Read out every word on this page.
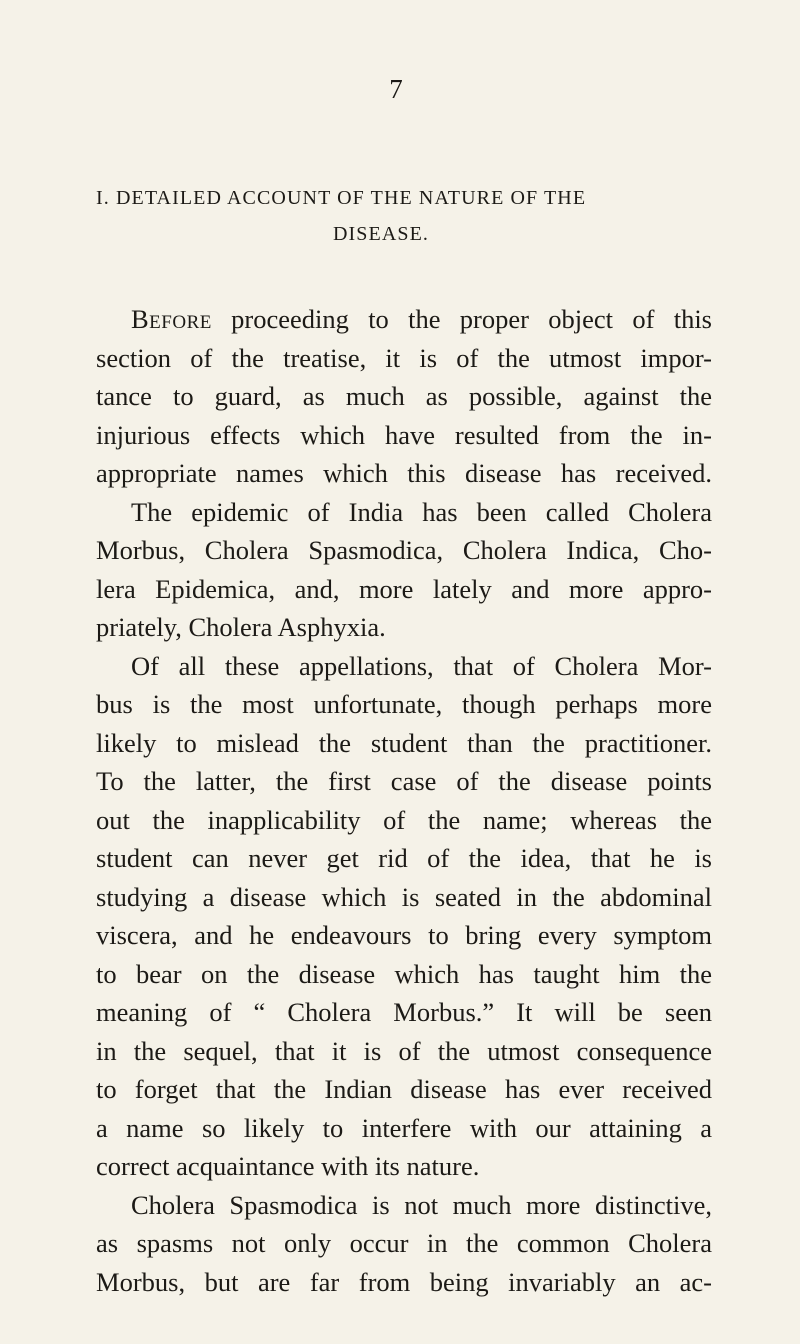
7
I. DETAILED ACCOUNT OF THE NATURE OF THE
DISEASE.
Before proceeding to the proper object of this
section of the treatise, it is of the utmost impor-
tance to guard, as much as possible, against the
injurious effects which have resulted from the in-
appropriate names which this disease has received.
The epidemic of India has been called Cholera
Morbus, Cholera Spasmodica, Cholera Indica, Cho-
lera Epidemica, and, more lately and more appro-
priately, Cholera Asphyxia.
Of all these appellations, that of Cholera Mor-
bus is the most unfortunate, though perhaps more
likely to mislead the student than the practitioner.
To the latter, the first case of the disease points
out the inapplicability of the name; whereas the
student can never get rid of the idea, that he is
studying a disease which is seated in the abdominal
viscera, and he endeavours to bring every symptom
to bear on the disease which has taught him the
meaning of “ Cholera Morbus.” It will be seen
in the sequel, that it is of the utmost consequence
to forget that the Indian disease has ever received
a name so likely to interfere with our attaining a
correct acquaintance with its nature.
Cholera Spasmodica is not much more distinctive,
as spasms not only occur in the common Cholera
Morbus, but are far from being invariably an ac-
